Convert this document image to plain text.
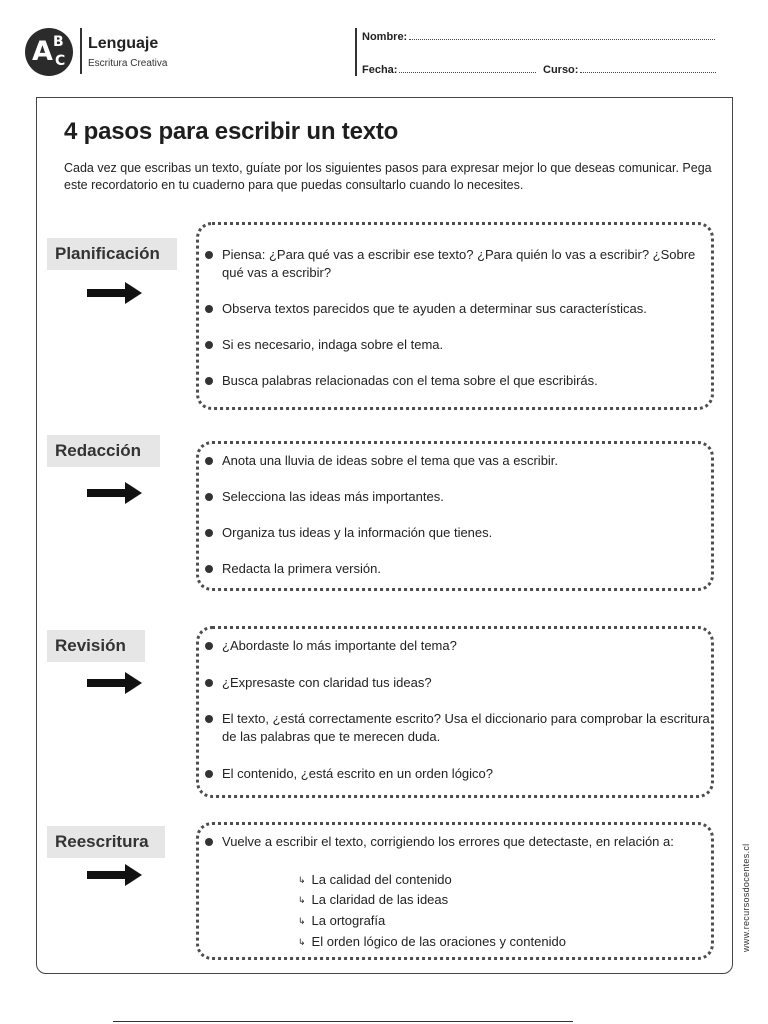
A B
C
Lenguaje
Escritura Creativa
Nombre:
Fecha:	Curso:
4 pasos para escribir un texto
Cada vez que escribas un texto, guíate por los siguientes pasos para expresar mejor lo que deseas comunicar. Pega este recordatorio en tu cuaderno para que puedas consultarlo cuando lo necesites.
Planificación	Piensa: ¿Para qué vas a escribir ese texto? ¿Para quién lo vas a escribir? ¿Sobre qué vas a escribir?
Observa textos parecidos que te ayuden a determinar sus características.
Si es necesario, indaga sobre el tema.
Busca palabras relacionadas con el tema sobre el que escribirás.
Redacción
Anota una lluvia de ideas sobre el tema que vas a escribir.
Selecciona las ideas más importantes.
Organiza tus ideas y la información que tienes.
Redacta la primera versión.
Revisión	¿Abordaste lo más importante del tema?
¿Expresaste con claridad tus ideas?
El texto, ¿está correctamente escrito? Usa el diccionario para comprobar la escritura de las palabras que te merecen duda.
El contenido, ¿está escrito en un orden lógico?
Reescritura	Vuelve a escribir el texto, corrigiendo los errores que detectaste, en relación a:
↳ La calidad del contenido
↳ La claridad de las ideas
↳ La ortografía
↳ El orden lógico de las oraciones y contenido	www.recursosdocentes.cl
